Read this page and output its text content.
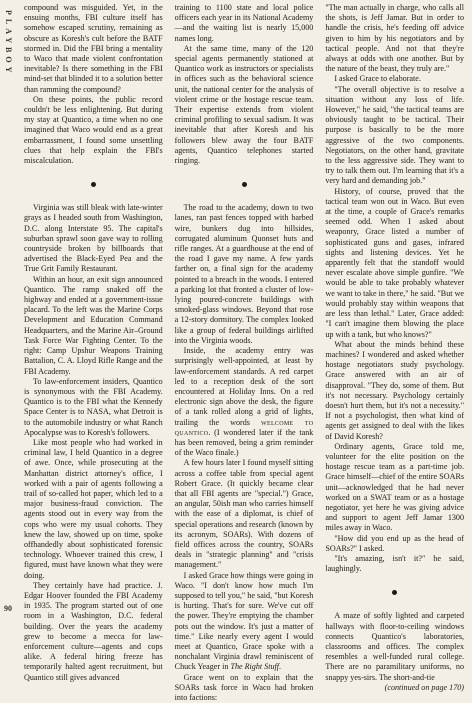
PLAYBOY
90

compound was misguided. Yet, in the ensuing months, FBI culture itself has somehow escaped scrutiny, remaining as obscure as Koresh's cult before the BATF stormed in. Did the FBI bring a mentality to Waco that made violent confrontation inevitable? Is there something in the FBI mind-set that blinded it to a solution better than ramming the compound?

On these points, the public record couldn't be less enlightening. But during my stay at Quantico, a time when no one imagined that Waco would end as a great embarrassment, I found some unsettling clues that help explain the FBI's miscalculation.

Virginia was still bleak with late-winter grays as I headed south from Washington, D.C. along Interstate 95. The capital's suburban sprawl soon gave way to rolling countryside broken by billboards that advertised the Black-Eyed Pea and the True Grit Family Restaurant.

Within an hour, an exit sign announced Quantico. The ramp snaked off the highway and ended at a government-issue placard. To the left was the Marine Corps Development and Education Command Headquarters, and the Marine Air–Ground Task Force War Fighting Center. To the right: Camp Upshur Weapons Training Battalion, C. A. Lloyd Rifle Range and the FBI Academy.

To law-enforcement insiders, Quantico is synonymous with the FBI Academy. Quantico is to the FBI what the Kennedy Space Center is to NASA, what Detroit is to the automobile industry or what Ranch Apocalypse was to Koresh's followers.

Like most people who had worked in criminal law, I held Quantico in a degree of awe. Once, while prosecuting at the Manhattan district attorney's office, I worked with a pair of agents following a trail of so-called hot paper, which led to a major business-fraud conviction. The agents stood out in every way from the cops who were my usual cohorts. They knew the law, showed up on time, spoke offhandedly about sophisticated forensic technology. Whoever trained this crew, I figured, must have known what they were doing.

They certainly have had practice. J. Edgar Hoover founded the FBI Academy in 1935. The program started out of one room in a Washington, D.C. federal building. Over the years the academy grew to become a mecca for law-enforcement culture—agents and cops alike. A federal hiring freeze has temporarily halted agent recruitment, but Quantico still gives advanced

training to 1100 state and local police officers each year in its National Academy—and the waiting list is nearly 15,000 names long.

At the same time, many of the 120 special agents permanently stationed at Quantico work as instructors or specialists in offices such as the behavioral science unit, the national center for the analysis of violent crime or the hostage rescue team. Their expertise extends from violent criminal profiling to sexual sadism. It was inevitable that after Koresh and his followers blew away the four BATF agents, Quantico telephones started ringing.

The road to the academy, down to two lanes, ran past fences topped with barbed wire, bunkers dug into hillsides, corrugated aluminum Quonset huts and rifle ranges. At a guardhouse at the end of the road I gave my name. A few yards farther on, a final sign for the academy pointed to a breach in the woods. I entered a parking lot that fronted a cluster of low-lying poured-concrete buildings with smoked-glass windows. Beyond that rose a 12-story dormitory. The complex looked like a group of federal buildings airlifted into the Virginia woods.

Inside, the academy entry was surprisingly well-appointed, at least by law-enforcement standards. A red carpet led to a reception desk of the sort encountered at Holiday Inns. On a red electronic sign above the desk, the figure of a tank rolled along a grid of lights, trailing the words welcome to quantico. (I wondered later if the tank has been removed, being a grim reminder of the Waco finale.)

A few hours later I found myself sitting across a coffee table from special agent Robert Grace. (It quickly became clear that all FBI agents are "special.") Grace, an angular, 50ish man who carries himself with the ease of a diplomat, is chief of special operations and research (known by its acronym, SOARs). With dozens of field offices across the country, SOARs deals in "strategic planning" and "crisis management."

I asked Grace how things were going in Waco. "I don't know how much I'm supposed to tell you," he said, "but Koresh is hurting. That's for sure. We've cut off the power. They're emptying the chamber pots out the window. It's just a matter of time." Like nearly every agent I would meet at Quantico, Grace spoke with a nonchalant Virginia drawl reminiscent of Chuck Yeager in The Right Stuff.

Grace went on to explain that the SOARs task force in Waco had broken into factions:

"The man actually in charge, who calls all the shots, is Jeff Jamar. But in order to handle the crisis, he's feeding off advice given to him by his negotiators and by tactical people. And not that they're always at odds with one another. But by the nature of the beast, they truly are."

I asked Grace to elaborate.

"The overall objective is to resolve a situation without any loss of life. However," he said, "the tactical teams are obviously taught to be tactical. Their purpose is basically to be the more aggressive of the two components. Negotiators, on the other hand, gravitate to the less aggressive side. They want to try to talk them out. I'm learning that it's a very hard and demanding job."

History, of course, proved that the tactical team won out in Waco. But even at the time, a couple of Grace's remarks seemed odd. When I asked about weaponry, Grace listed a number of sophisticated guns and gases, infrared sights and listening devices. Yet he apparently felt that the standoff would never escalate above simple gunfire. "We would be able to take probably whatever we want to take in there," he said. "But we would probably stay within weapons that are less than lethal." Later, Grace added: "I can't imagine them blowing the place up with a tank, but who knows?"

What about the minds behind these machines? I wondered and asked whether hostage negotiators study psychology. Grace answered with an air of disapproval. "They do, some of them. But it's not necessary. Psychology certainly doesn't hurt them, but it's not a necessity." If not a psychologist, then what kind of agents get assigned to deal with the likes of David Koresh?

Ordinary agents, Grace told me, volunteer for the elite position on the hostage rescue team as a part-time job. Grace himself—chief of the entire SOARs unit—acknowledged that he had never worked on a SWAT team or as a hostage negotiator, yet here he was giving advice and support to agent Jeff Jamar 1300 miles away in Waco.

"How did you end up as the head of SOARs?" I asked.

"It's amazing, isn't it?" he said, laughingly.

A maze of softly lighted and carpeted hallways with floor-to-ceiling windows connects Quantico's laboratories, classrooms and offices. The complex resembles a well-funded rural college. There are no paramilitary uniforms, no snappy yes-sirs. The short-and-tie

(continued on page 170)
